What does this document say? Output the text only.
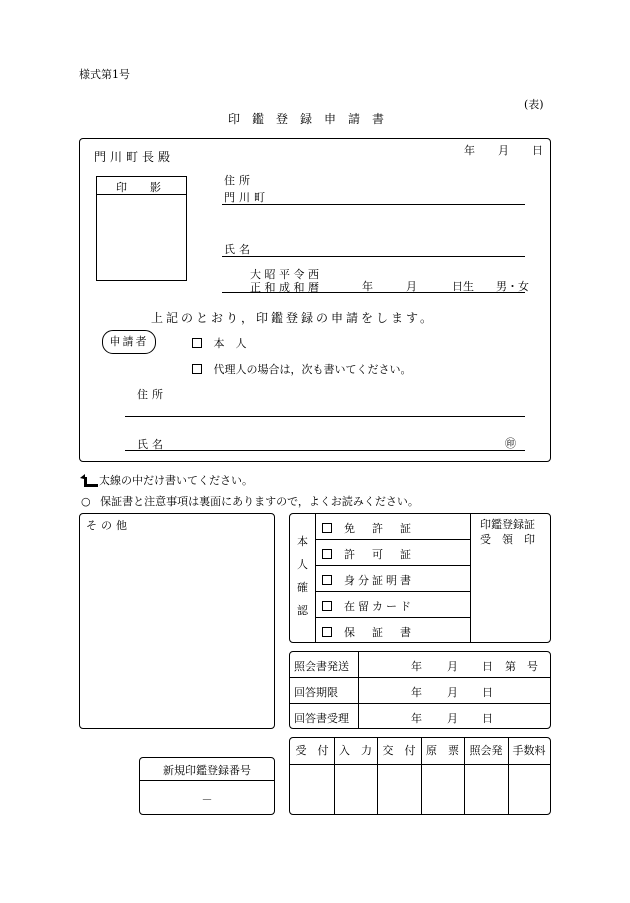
様式第1号
(表)
印鑑登録申請書
門川町長殿	年 月 日
印　影
住所
門川町
氏名
大 昭 平 令 西
正 和 成 和 暦	年	月	日生 男・女
上記のとおり，印鑑登録の申請をします。
申請者	本　人
代理人の場合は，次も書いてください。
住所
氏名	㊞
太線の中だけ書いてください。
○ 保証書と注意事項は裏面にありますので，よくお読みください。
その他
本人確認
免　許　証
許　可　証
身分証明書
在留カード
保　証　書
印鑑登録証
受　領　印
照会書発送	年 月 日 第　号
回答期限	年 月 日
回答書受理	年 月 日
新規印鑑登録番号
－
受　付 入　力 交　付 原　票 照会発 手数料
